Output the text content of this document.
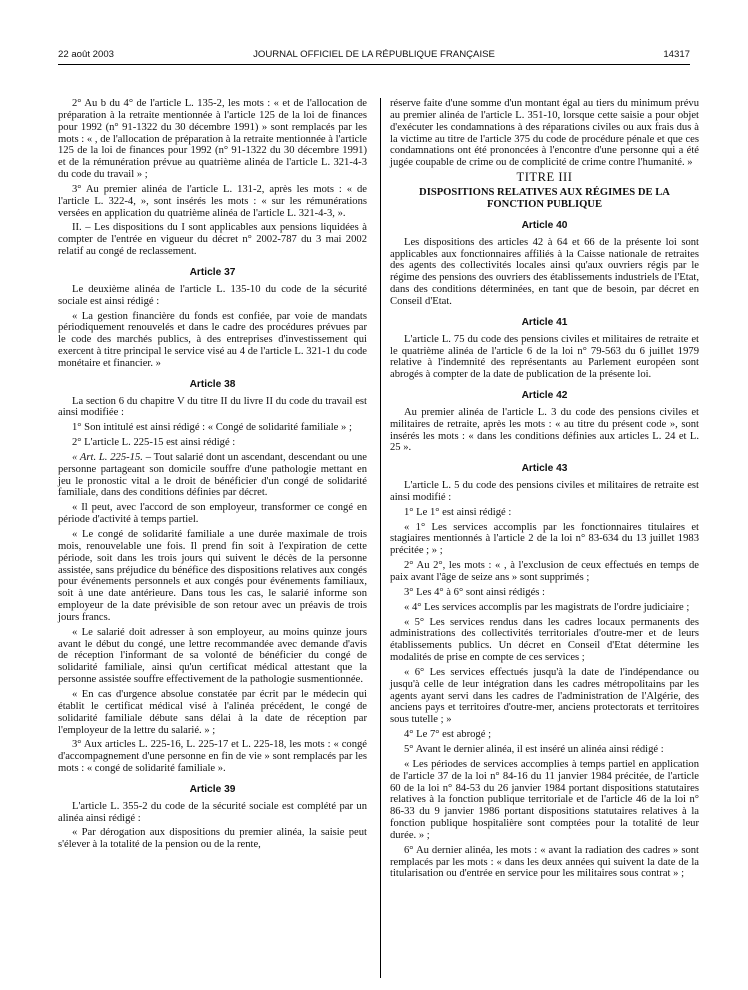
22 août 2003	JOURNAL OFFICIEL DE LA RÉPUBLIQUE FRANÇAISE	14317

2° Au b du 4° de l'article L. 135-2, les mots : « et de l'allocation de préparation à la retraite mentionnée à l'article 125 de la loi de finances pour 1992 (n° 91-1322 du 30 décembre 1991) » sont remplacés par les mots : « , de l'allocation de préparation à la retraite mentionnée à l'article 125 de la loi de finances pour 1992 (n° 91-1322 du 30 décembre 1991) et de la rémunération prévue au quatrième alinéa de l'article L. 321-4-3 du code du travail » ;

3° Au premier alinéa de l'article L. 131-2, après les mots : « de l'article L. 322-4, », sont insérés les mots : « sur les rémunérations versées en application du quatrième alinéa de l'article L. 321-4-3, ».

II. – Les dispositions du I sont applicables aux pensions liquidées à compter de l'entrée en vigueur du décret n° 2002-787 du 3 mai 2002 relatif au congé de reclassement.

Article 37

Le deuxième alinéa de l'article L. 135-10 du code de la sécurité sociale est ainsi rédigé :

« La gestion financière du fonds est confiée, par voie de mandats périodiquement renouvelés et dans le cadre des procédures prévues par le code des marchés publics, à des entreprises d'investissement qui exercent à titre principal le service visé au 4 de l'article L. 321-1 du code monétaire et financier. »

Article 38

La section 6 du chapitre V du titre II du livre II du code du travail est ainsi modifiée :

1° Son intitulé est ainsi rédigé : « Congé de solidarité familiale » ;

2° L'article L. 225-15 est ainsi rédigé :

« Art. L. 225-15. – Tout salarié dont un ascendant, descendant ou une personne partageant son domicile souffre d'une pathologie mettant en jeu le pronostic vital a le droit de bénéficier d'un congé de solidarité familiale, dans des conditions définies par décret.

« Il peut, avec l'accord de son employeur, transformer ce congé en période d'activité à temps partiel.

« Le congé de solidarité familiale a une durée maximale de trois mois, renouvelable une fois. Il prend fin soit à l'expiration de cette période, soit dans les trois jours qui suivent le décès de la personne assistée, sans préjudice du bénéfice des dispositions relatives aux congés pour événements personnels et aux congés pour événements familiaux, soit à une date antérieure. Dans tous les cas, le salarié informe son employeur de la date prévisible de son retour avec un préavis de trois jours francs.

« Le salarié doit adresser à son employeur, au moins quinze jours avant le début du congé, une lettre recommandée avec demande d'avis de réception l'informant de sa volonté de bénéficier du congé de solidarité familiale, ainsi qu'un certificat médical attestant que la personne assistée souffre effectivement de la pathologie susmentionnée.

« En cas d'urgence absolue constatée par écrit par le médecin qui établit le certificat médical visé à l'alinéa précédent, le congé de solidarité familiale débute sans délai à la date de réception par l'employeur de la lettre du salarié. » ;

3° Aux articles L. 225-16, L. 225-17 et L. 225-18, les mots : « congé d'accompagnement d'une personne en fin de vie » sont remplacés par les mots : « congé de solidarité familiale ».

Article 39

L'article L. 355-2 du code de la sécurité sociale est complété par un alinéa ainsi rédigé :

« Par dérogation aux dispositions du premier alinéa, la saisie peut s'élever à la totalité de la pension ou de la rente,

réserve faite d'une somme d'un montant égal au tiers du minimum prévu au premier alinéa de l'article L. 351-10, lorsque cette saisie a pour objet d'exécuter les condamnations à des réparations civiles ou aux frais dus à la victime au titre de l'article 375 du code de procédure pénale et que ces condamnations ont été prononcées à l'encontre d'une personne qui a été jugée coupable de crime ou de complicité de crime contre l'humanité. »

TITRE III
DISPOSITIONS RELATIVES AUX RÉGIMES DE LA FONCTION PUBLIQUE
Article 40

Les dispositions des articles 42 à 64 et 66 de la présente loi sont applicables aux fonctionnaires affiliés à la Caisse nationale de retraites des agents des collectivités locales ainsi qu'aux ouvriers régis par le régime des pensions des ouvriers des établissements industriels de l'Etat, dans des conditions déterminées, en tant que de besoin, par décret en Conseil d'Etat.

Article 41

L'article L. 75 du code des pensions civiles et militaires de retraite et le quatrième alinéa de l'article 6 de la loi n° 79-563 du 6 juillet 1979 relative à l'indemnité des représentants au Parlement européen sont abrogés à compter de la date de publication de la présente loi.

Article 42

Au premier alinéa de l'article L. 3 du code des pensions civiles et militaires de retraite, après les mots : « au titre du présent code », sont insérés les mots : « dans les conditions définies aux articles L. 24 et L. 25 ».

Article 43

L'article L. 5 du code des pensions civiles et militaires de retraite est ainsi modifié :

1° Le 1° est ainsi rédigé :

« 1° Les services accomplis par les fonctionnaires titulaires et stagiaires mentionnés à l'article 2 de la loi n° 83-634 du 13 juillet 1983 précitée ; » ;

2° Au 2°, les mots : « , à l'exclusion de ceux effectués en temps de paix avant l'âge de seize ans » sont supprimés ;

3° Les 4° à 6° sont ainsi rédigés :

« 4° Les services accomplis par les magistrats de l'ordre judiciaire ;

« 5° Les services rendus dans les cadres locaux permanents des administrations des collectivités territoriales d'outre-mer et de leurs établissements publics. Un décret en Conseil d'Etat détermine les modalités de prise en compte de ces services ;

« 6° Les services effectués jusqu'à la date de l'indépendance ou jusqu'à celle de leur intégration dans les cadres métropolitains par les agents ayant servi dans les cadres de l'administration de l'Algérie, des anciens pays et territoires d'outre-mer, anciens protectorats et territoires sous tutelle ; »

4° Le 7° est abrogé ;

5° Avant le dernier alinéa, il est inséré un alinéa ainsi rédigé :

« Les périodes de services accomplies à temps partiel en application de l'article 37 de la loi n° 84-16 du 11 janvier 1984 précitée, de l'article 60 de la loi n° 84-53 du 26 janvier 1984 portant dispositions statutaires relatives à la fonction publique territoriale et de l'article 46 de la loi n° 86-33 du 9 janvier 1986 portant dispositions statutaires relatives à la fonction publique hospitalière sont comptées pour la totalité de leur durée. » ;

6° Au dernier alinéa, les mots : « avant la radiation des cadres » sont remplacés par les mots : « dans les deux années qui suivent la date de la titularisation ou d'entrée en service pour les militaires sous contrat » ;
